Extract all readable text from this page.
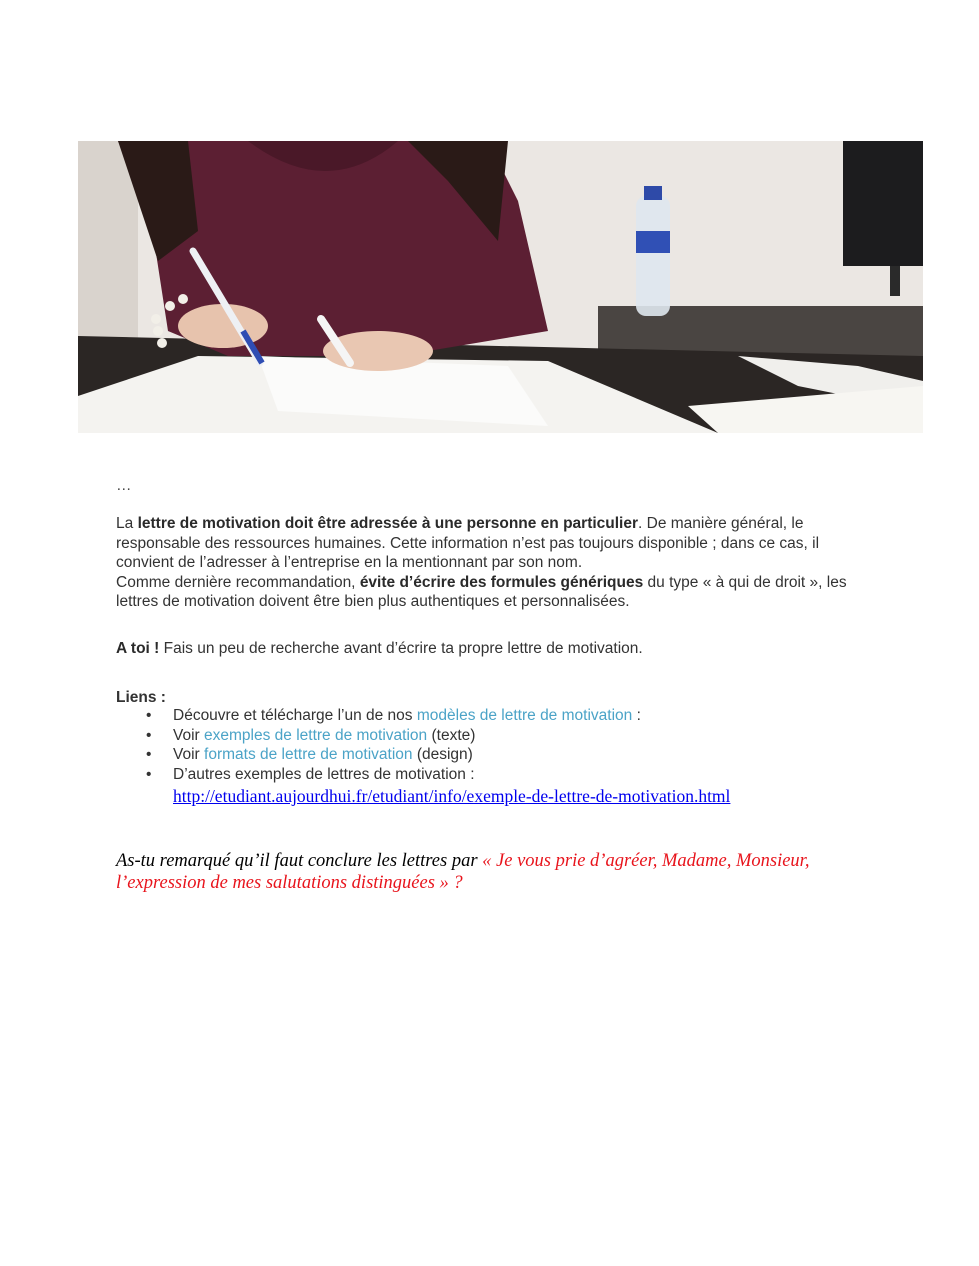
…
La lettre de motivation doit être adressée à une personne en particulier. De manière général, le responsable des ressources humaines. Cette information n’est pas toujours disponible ; dans ce cas, il convient de l’adresser à l’entreprise en la mentionnant par son nom.
Comme dernière recommandation, évite d’écrire des formules génériques du type « à qui de droit », les lettres de motivation doivent être bien plus authentiques et personnalisées.
A toi ! Fais un peu de recherche avant d’écrire ta propre lettre de motivation.
Liens :
• Découvre et télécharge l’un de nos modèles de lettre de motivation :
• Voir exemples de lettre de motivation (texte)
• Voir formats de lettre de motivation (design)
• D’autres exemples de lettres de motivation :
http://etudiant.aujourdhui.fr/etudiant/info/exemple-de-lettre-de-motivation.html
As-tu remarqué qu’il faut conclure les lettres par « Je vous prie d’agréer, Madame, Monsieur, l’expression de mes salutations distinguées » ?
